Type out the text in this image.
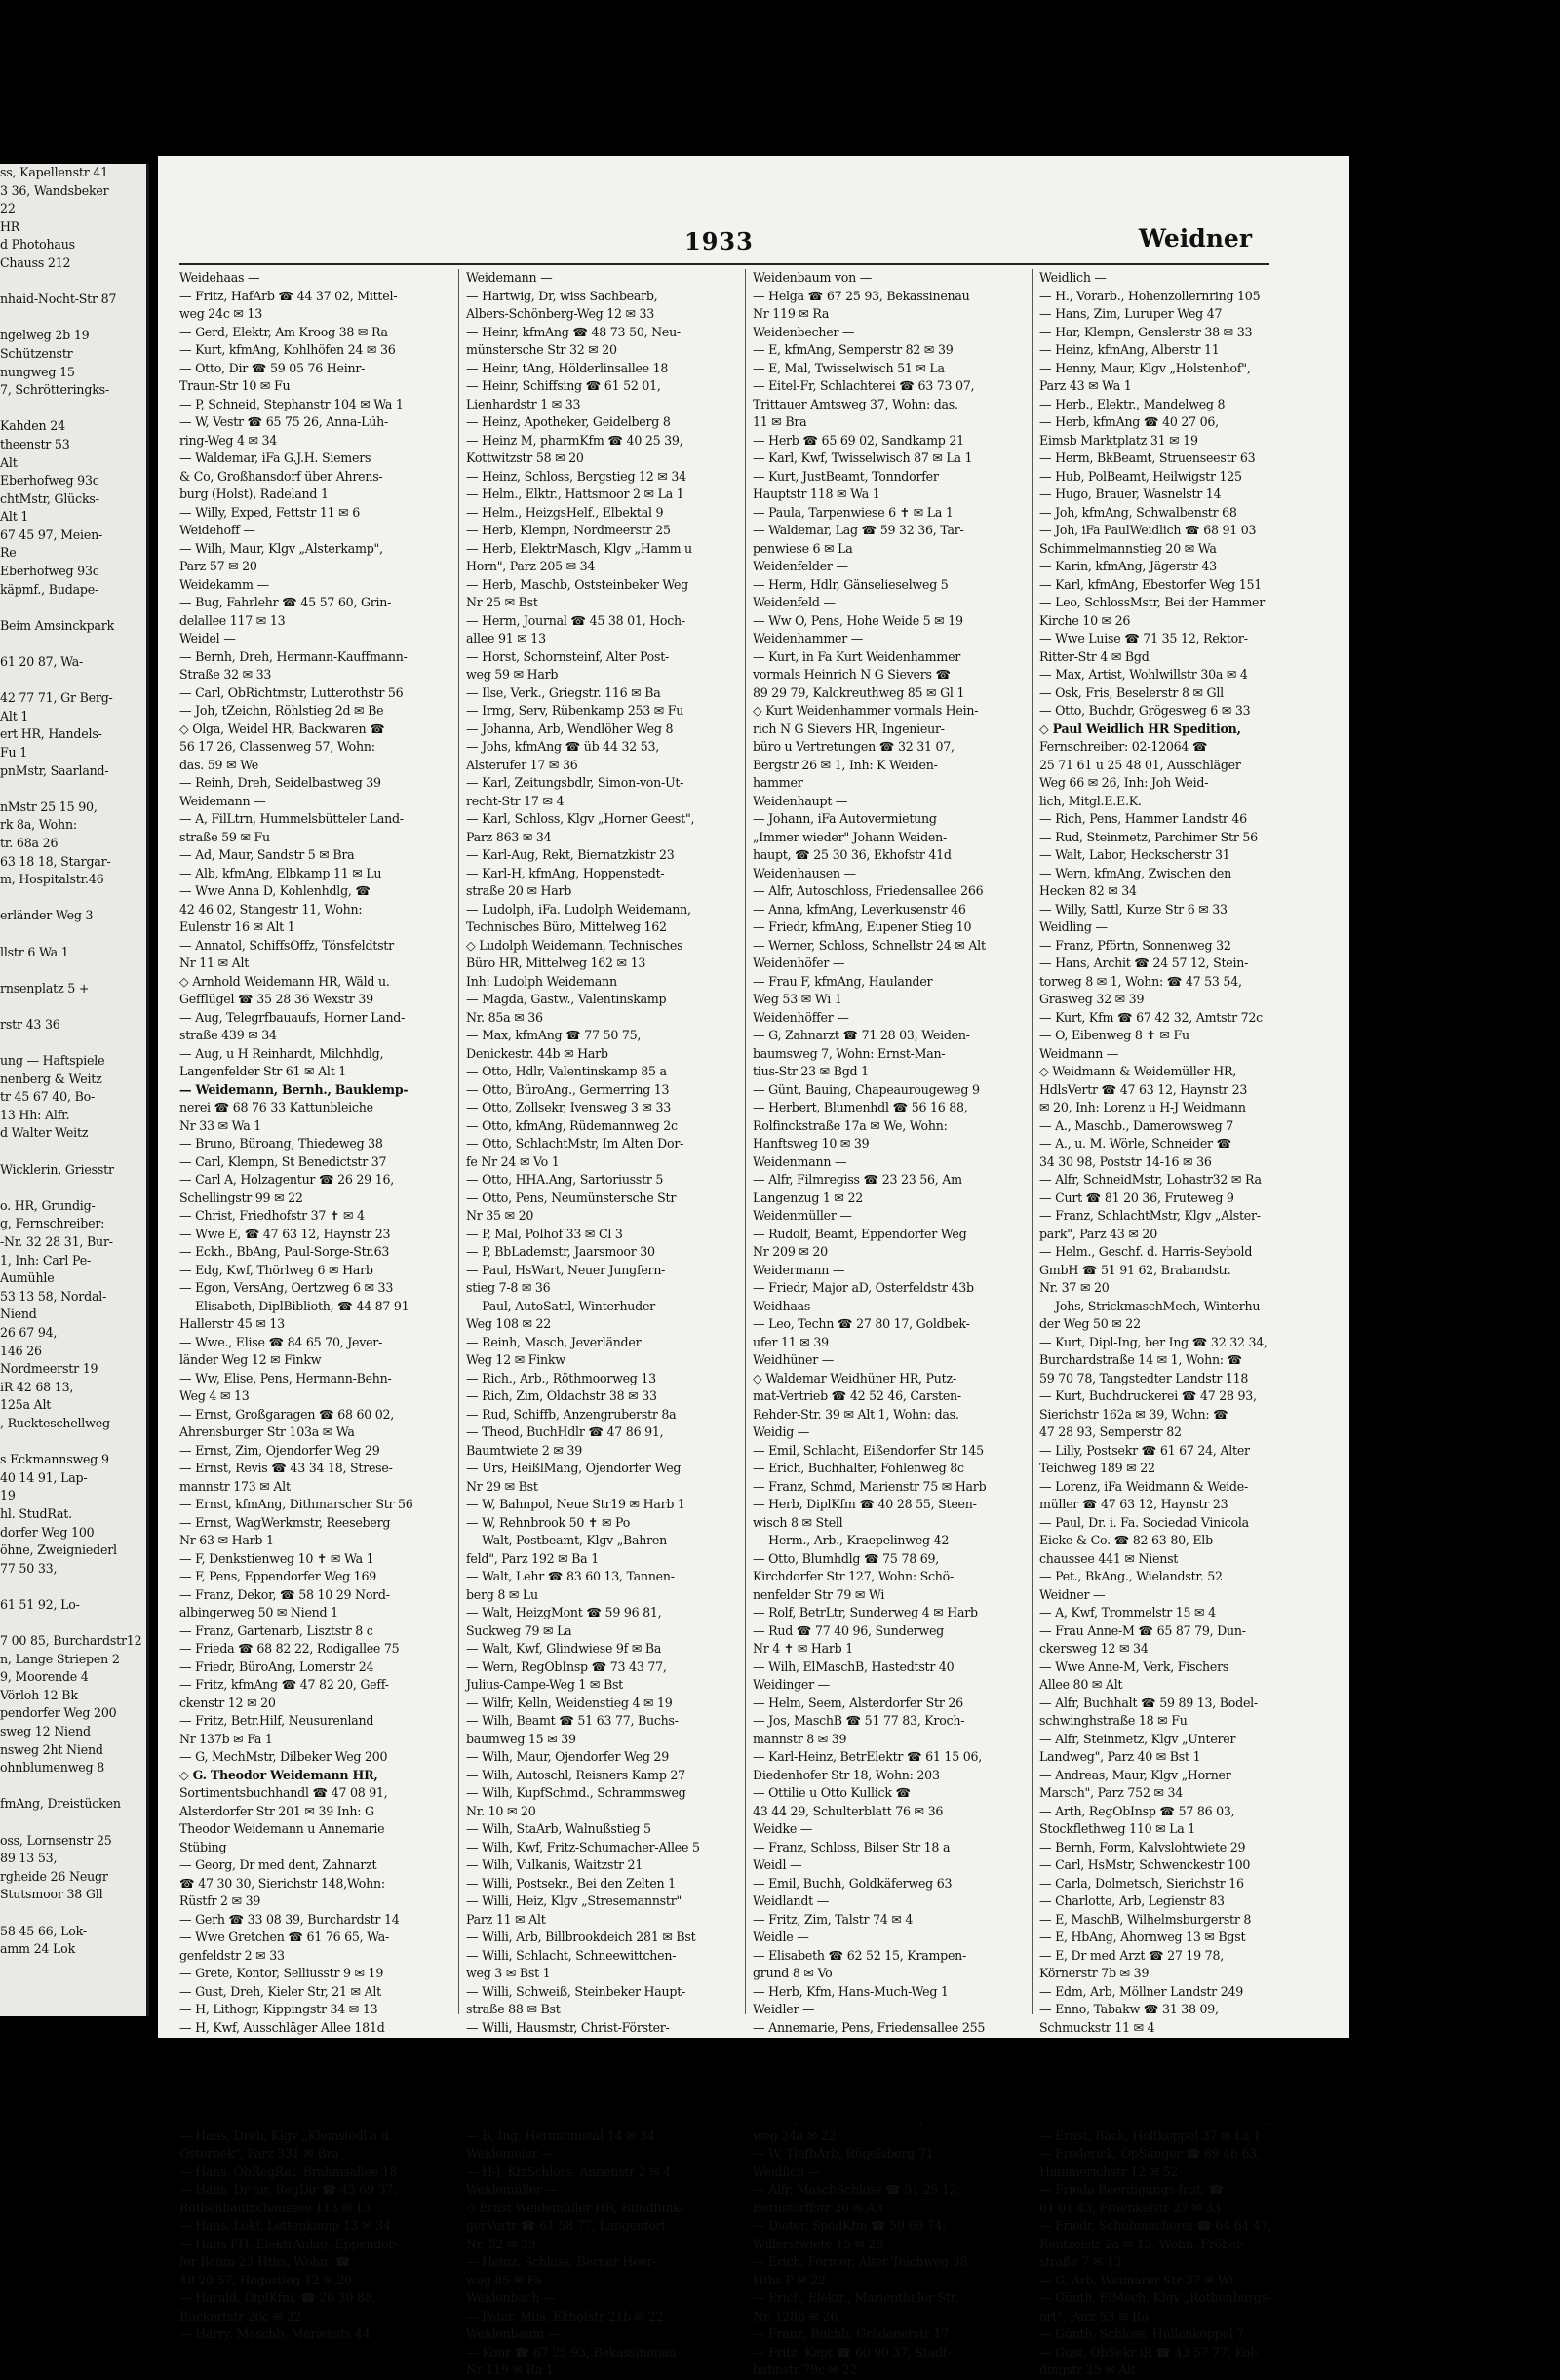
ss, Kapellenstr 41
3 36, Wandsbeker
22
HR
d Photohaus
Chauss 212

nhaid-Nocht-Str 87

ngelweg 2b 19
Schützenstr
nungweg 15
7, Schrötteringks-

Kahden 24
theenstr 53
Alt
Eberhofweg 93c
chtMstr, Glücks-
Alt 1
67 45 97, Meien-
Re
Eberhofweg 93c
käpmf., Budape-

Beim Amsinckpark

61 20 87, Wa-

42 77 71, Gr Berg-
Alt 1
ert HR, Handels-
Fu 1
pnMstr, Saarland-

nMstr 25 15 90,
rk 8a, Wohn:
tr. 68a 26
63 18 18, Stargar-
m, Hospitalstr.46

erländer Weg 3

llstr 6 Wa 1

rnsenplatz 5 +

rstr 43 36

ung — Haftspiele
nenberg & Weitz
tr 45 67 40, Bo-
13 Hh: Alfr.
d Walter Weitz

Wicklerin, Griesstr

o. HR, Grundig-
g, Fernschreiber:
-Nr. 32 28 31, Bur-
1, Inh: Carl Pe-
Aumühle
53 13 58, Nordal-
Niend
26 67 94,
146 26
Nordmeerstr 19
iR 42 68 13,
125a Alt
, Ruckteschellweg

s Eckmannsweg 9
40 14 91, Lap-
19
hl. StudRat.
dorfer Weg 100
öhne, Zweigniederl
77 50 33,

61 51 92, Lo-

7 00 85, Burchardstr12
n, Lange Striepen 2
9, Moorende 4
Vörloh 12 Bk
pendorfer Weg 200
sweg 12 Niend
nsweg 2ht Niend
ohnblumenweg 8

fmAng, Dreistücken

oss, Lornsenstr 25
89 13 53,
rgheide 26 Neugr
Stutsmoor 38 Gll

58 45 66, Lok-
amm 24 Lok
1933	Weidner
Weidehaas —
— Fritz, HafArb ☎ 44 37 02, Mittel-
weg 24c ✉ 13
— Gerd, Elektr, Am Kroog 38 ✉ Ra
— Kurt, kfmAng, Kohlhöfen 24 ✉ 36
— Otto, Dir ☎ 59 05 76 Heinr-
Traun-Str 10 ✉ Fu
— P, Schneid, Stephanstr 104 ✉ Wa 1
— W, Vestr ☎ 65 75 26, Anna-Lüh-
ring-Weg 4 ✉ 34
— Waldemar, iFa G.J.H. Siemers
& Co, Großhansdorf über Ahrens-
burg (Holst), Radeland 1
— Willy, Exped, Fettstr 11 ✉ 6
Weidehoff —
— Wilh, Maur, Klgv „Alsterkamp",
Parz 57 ✉ 20
Weidekamm —
— Bug, Fahrlehr ☎ 45 57 60, Grin-
delallee 117 ✉ 13
Weidel —
— Bernh, Dreh, Hermann-Kauffmann-
Straße 32 ✉ 33
— Carl, ObRichtmstr, Lutterothstr 56
— Joh, tZeichn, Röhlstieg 2d ✉ Be
◇ Olga, Weidel HR, Backwaren ☎
56 17 26, Classenweg 57, Wohn:
das. 59 ✉ We
— Reinh, Dreh, Seidelbastweg 39
Weidemann —
— A, FilLtrn, Hummelsbütteler Land-
straße 59 ✉ Fu
— Ad, Maur, Sandstr 5 ✉ Bra
— Alb, kfmAng, Elbkamp 11 ✉ Lu
— Wwe Anna D, Kohlenhdlg, ☎
42 46 02, Stangestr 11, Wohn:
Eulenstr 16 ✉ Alt 1
— Annatol, SchiffsOffz, Tönsfeldtstr
Nr 11 ✉ Alt
◇ Arnhold Weidemann HR, Wäld u.
Gefflügel ☎ 35 28 36 Wexstr 39
— Aug, Telegrfbauaufs, Horner Land-
straße 439 ✉ 34
— Aug, u H Reinhardt, Milchhdlg,
Langenfelder Str 61 ✉ Alt 1
— Weidemann, Bernh., Bauklemp-
nerei ☎ 68 76 33 Kattunbleiche
Nr 33 ✉ Wa 1
— Bruno, Büroang, Thiedeweg 38
— Carl, Klempn, St Benedictstr 37
— Carl A, Holzagentur ☎ 26 29 16,
Schellingstr 99 ✉ 22
— Christ, Friedhofstr 37 ✝ ✉ 4
— Wwe E, ☎ 47 63 12, Haynstr 23
— Eckh., BbAng, Paul-Sorge-Str.63
— Edg, Kwf, Thörlweg 6 ✉ Harb
— Egon, VersAng, Oertzweg 6 ✉ 33
— Elisabeth, DiplBiblioth, ☎ 44 87 91
Hallerstr 45 ✉ 13
— Wwe., Elise ☎ 84 65 70, Jever-
länder Weg 12 ✉ Finkw
— Ww, Elise, Pens, Hermann-Behn-
Weg 4 ✉ 13
— Ernst, Großgaragen ☎ 68 60 02,
Ahrensburger Str 103a ✉ Wa
— Ernst, Zim, Ojendorfer Weg 29
— Ernst, Revis ☎ 43 34 18, Strese-
mannstr 173 ✉ Alt
— Ernst, kfmAng, Dithmarscher Str 56
— Ernst, WagWerkmstr, Reeseberg
Nr 63 ✉ Harb 1
— F, Denkstienweg 10 ✝ ✉ Wa 1
— F, Pens, Eppendorfer Weg 169
— Franz, Dekor, ☎ 58 10 29 Nord-
albingerweg 50 ✉ Niend 1
— Franz, Gartenarb, Lisztstr 8 c
— Frieda ☎ 68 82 22, Rodigallee 75
— Friedr, BüroAng, Lomerstr 24
— Fritz, kfmAng ☎ 47 82 20, Geff-
ckenstr 12 ✉ 20
— Fritz, Betr.Hilf, Neusurenland
Nr 137b ✉ Fa 1
— G, MechMstr, Dilbeker Weg 200
◇ G. Theodor Weidemann HR,
Sortimentsbuchhandl ☎ 47 08 91,
Alsterdorfer Str 201 ✉ 39 Inh: G
Theodor Weidemann u Annemarie
Stübing
— Georg, Dr med dent, Zahnarzt
☎ 47 30 30, Sierichstr 148,Wohn:
Rüstfr 2 ✉ 39
— Gerh ☎ 33 08 39, Burchardstr 14
— Wwe Gretchen ☎ 61 76 65, Wa-
genfeldstr 2 ✉ 33
— Grete, Kontor, Selliusstr 9 ✉ 19
— Gust, Dreh, Kieler Str, 21 ✉ Alt
— H, Lithogr, Kippingstr 34 ✉ 13
— H, Kwf, Ausschläger Allee 181d
— Hans, Dreh, Klgv „Kleinsiedl a d
Osterbek", Parz 331 ✉ Bra
— Hans, ObRegRat, Brahmsallee 18
— Hans, Dr jur, RegDir ☎ 45 69 37,
Rothenbaumchaussee 113 ✉ 13
— Hans, Lokf, Lettenkamp 13 ✉ 34
— Hans FH, ElektrAnlag, Eppendor-
fer Baum 23 Hths, Wohn: ☎
48 20 57, Hegestieg 12 ✉ 20
— Harald, DiplKfm, ☎ 26 30 88,
Rückertstr 26c ✉ 22
— Harry, Maschb, Mariensts 44
Weidemann —
— Hartwig, Dr, wiss Sachbearb,
Albers-Schönberg-Weg 12 ✉ 33
— Heinr, kfmAng ☎ 48 73 50, Neu-
münstersche Str 32 ✉ 20
— Heinr, tAng, Hölderlinsallee 18
— Heinr, Schiffsing ☎ 61 52 01,
Lienhardstr 1 ✉ 33
— Heinz, Apotheker, Geidelberg 8
— Heinz M, pharmKfm ☎ 40 25 39,
Kottwitzstr 58 ✉ 20
— Heinz, Schloss, Bergstieg 12 ✉ 34
— Helm., Elktr., Hattsmoor 2 ✉ La 1
— Helm., HeizgsHelf., Elbektal 9
— Herb, Klempn, Nordmeerstr 25
— Herb, ElektrMasch, Klgv „Hamm u
Horn", Parz 205 ✉ 34
— Herb, Maschb, Oststeinbeker Weg
Nr 25 ✉ Bst
— Herm, Journal ☎ 45 38 01, Hoch-
allee 91 ✉ 13
— Horst, Schornsteinf, Alter Post-
weg 59 ✉ Harb
— Ilse, Verk., Griegstr. 116 ✉ Ba
— Irmg, Serv, Rübenkamp 253 ✉ Fu
— Johanna, Arb, Wendlöher Weg 8
— Johs, kfmAng ☎ üb 44 32 53,
Alsterufer 17 ✉ 36
— Karl, Zeitungsbdlr, Simon-von-Ut-
recht-Str 17 ✉ 4
— Karl, Schloss, Klgv „Horner Geest",
Parz 863 ✉ 34
— Karl-Aug, Rekt, Biernatzkistr 23
— Karl-H, kfmAng, Hoppenstedt-
straße 20 ✉ Harb
— Ludolph, iFa. Ludolph Weidemann,
Technisches Büro, Mittelweg 162
◇ Ludolph Weidemann, Technisches
Büro HR, Mittelweg 162 ✉ 13
Inh: Ludolph Weidemann
— Magda, Gastw., Valentinskamp
Nr. 85a ✉ 36
— Max, kfmAng ☎ 77 50 75,
Denickestr. 44b ✉ Harb
— Otto, Hdlr, Valentinskamp 85 a
— Otto, BüroAng., Germerring 13
— Otto, Zollsekr, Ivensweg 3 ✉ 33
— Otto, kfmAng, Rüdemannweg 2c
— Otto, SchlachtMstr, Im Alten Dor-
fe Nr 24 ✉ Vo 1
— Otto, HHA.Ang, Sartoriusstr 5
— Otto, Pens, Neumünstersche Str
Nr 35 ✉ 20
— P, Mal, Polhof 33 ✉ Cl 3
— P, BbLademstr, Jaarsmoor 30
— Paul, HsWart, Neuer Jungfern-
stieg 7-8 ✉ 36
— Paul, AutoSattl, Winterhuder
Weg 108 ✉ 22
— Reinh, Masch, Jeverländer
Weg 12 ✉ Finkw
— Rich., Arb., Röthmoorweg 13
— Rich, Zim, Oldachstr 38 ✉ 33
— Rud, Schiffb, Anzengruberstr 8a
— Theod, BuchHdlr ☎ 47 86 91,
Baumtwiete 2 ✉ 39
— Urs, HeißlMang, Ojendorfer Weg
Nr 29 ✉ Bst
— W, Bahnpol, Neue Str19 ✉ Harb 1
— W, Rehnbrook 50 ✝ ✉ Po
— Walt, Postbeamt, Klgv „Bahren-
feld", Parz 192 ✉ Ba 1
— Walt, Lehr ☎ 83 60 13, Tannen-
berg 8 ✉ Lu
— Walt, HeizgMont ☎ 59 96 81,
Suckweg 79 ✉ La
— Walt, Kwf, Glindwiese 9f ✉ Ba
— Wern, RegObInsp ☎ 73 43 77,
Julius-Campe-Weg 1 ✉ Bst
— Wilfr, Kelln, Weidenstieg 4 ✉ 19
— Wilh, Beamt ☎ 51 63 77, Buchs-
baumweg 15 ✉ 39
— Wilh, Maur, Ojendorfer Weg 29
— Wilh, Autoschl, Reisners Kamp 27
— Wilh, KupfSchmd., Schrammsweg
Nr. 10 ✉ 20
— Wilh, StaArb, Walnußstieg 5
— Wilh, Kwf, Fritz-Schumacher-Allee 5
— Wilh, Vulkanis, Waitzstr 21
— Willi, Postsekr., Bei den Zelten 1
— Willi, Heiz, Klgv „Stresemannstr"
Parz 11 ✉ Alt
— Willi, Arb, Billbrookdeich 281 ✉ Bst
— Willi, Schlacht, Schneewittchen-
weg 3 ✉ Bst 1
— Willi, Schweiß, Steinbeker Haupt-
straße 88 ✉ Bst
— Willi, Hausmstr, Christ-Förster-
— B, Ing, Hermannstal 14 ✉ 34
Weidemeier —
— H-J, KfzSchloss, Annenstr 2 ✉ 4
Weidemüller —
◇ Ernst Weidemüller HR, Rundfunk-
gerVertr ☎ 61 58 77, Langenfort
Nr. 52 ✉ 39
— Heinz, Schloss, Berner Heer-
weg 85 ✉ Fa
Weidenbach —
— Peter, Mus, Ekhofstr 21b ✉ 22
Weidenbaum —
— Konr ☎ 67 25 93, Bekassinenau
Nr 119 ✉ Ra 1
Weidenbaum von —
— Helga ☎ 67 25 93, Bekassinenau
Nr 119 ✉ Ra
Weidenbecher —
— E, kfmAng, Semperstr 82 ✉ 39
— E, Mal, Twisselwisch 51 ✉ La
— Eitel-Fr, Schlachterei ☎ 63 73 07,
Trittauer Amtsweg 37, Wohn: das.
11 ✉ Bra
— Herb ☎ 65 69 02, Sandkamp 21
— Karl, Kwf, Twisselwisch 87 ✉ La 1
— Kurt, JustBeamt, Tonndorfer
Hauptstr 118 ✉ Wa 1
— Paula, Tarpenwiese 6 ✝ ✉ La 1
— Waldemar, Lag ☎ 59 32 36, Tar-
penwiese 6 ✉ La
Weidenfelder —
— Herm, Hdlr, Gänselieselweg 5
Weidenfeld —
— Ww O, Pens, Hohe Weide 5 ✉ 19
Weidenhammer —
— Kurt, in Fa Kurt Weidenhammer
vormals Heinrich N G Sievers ☎
89 29 79, Kalckreuthweg 85 ✉ Gl 1
◇ Kurt Weidenhammer vormals Hein-
rich N G Sievers HR, Ingenieur-
büro u Vertretungen ☎ 32 31 07,
Bergstr 26 ✉ 1, Inh: K Weiden-
hammer
Weidenhaupt —
— Johann, iFa Autovermietung
„Immer wieder" Johann Weiden-
haupt, ☎ 25 30 36, Ekhofstr 41d
Weidenhausen —
— Alfr, Autoschloss, Friedensallee 266
— Anna, kfmAng, Leverkusenstr 46
— Friedr, kfmAng, Eupener Stieg 10
— Werner, Schloss, Schnellstr 24 ✉ Alt
Weidenhöfer —
— Frau F, kfmAng, Haulander
Weg 53 ✉ Wi 1
Weidenhöffer —
— G, Zahnarzt ☎ 71 28 03, Weiden-
baumsweg 7, Wohn: Ernst-Man-
tius-Str 23 ✉ Bgd 1
— Günt, Bauing, Chapeaurougeweg 9
— Herbert, Blumenhdl ☎ 56 16 88,
Rolfinckstraße 17a ✉ We, Wohn:
Hanftsweg 10 ✉ 39
Weidenmann —
— Alfr, Filmregiss ☎ 23 23 56, Am
Langenzug 1 ✉ 22
Weidenmüller —
— Rudolf, Beamt, Eppendorfer Weg
Nr 209 ✉ 20
Weidermann —
— Friedr, Major aD, Osterfeldstr 43b
Weidhaas —
— Leo, Techn ☎ 27 80 17, Goldbek-
ufer 11 ✉ 39
Weidhüner —
◇ Waldemar Weidhüner HR, Putz-
mat-Vertrieb ☎ 42 52 46, Carsten-
Rehder-Str. 39 ✉ Alt 1, Wohn: das.
Weidig —
— Emil, Schlacht, Eißendorfer Str 145
— Erich, Buchhalter, Fohlenweg 8c
— Franz, Schmd, Marienstr 75 ✉ Harb
— Herb, DiplKfm ☎ 40 28 55, Steen-
wisch 8 ✉ Stell
— Herm., Arb., Kraepelinweg 42
— Otto, Blumhdlg ☎ 75 78 69,
Kirchdorfer Str 127, Wohn: Schö-
nenfelder Str 79 ✉ Wi
— Rolf, BetrLtr, Sunderweg 4 ✉ Harb
— Rud ☎ 77 40 96, Sunderweg
Nr 4 ✝ ✉ Harb 1
— Wilh, ElMaschB, Hastedtstr 40
Weidinger —
— Helm, Seem, Alsterdorfer Str 26
— Jos, MaschB ☎ 51 77 83, Kroch-
mannstr 8 ✉ 39
— Karl-Heinz, BetrElektr ☎ 61 15 06,
Diedenhofer Str 18, Wohn: 203
— Ottilie u Otto Kullick ☎
43 44 29, Schulterblatt 76 ✉ 36
Weidke —
— Franz, Schloss, Bilser Str 18 a
Weidl —
— Emil, Buchh, Goldkäferweg 63
Weidlandt —
— Fritz, Zim, Talstr 74 ✉ 4
Weidle —
— Elisabeth ☎ 62 52 15, Krampen-
grund 8 ✉ Vo
— Herb, Kfm, Hans-Much-Weg 1
Weidler —
— Annemarie, Pens, Friedensallee 255
weg 24a ✉ 22
— W, TiefbArb, Rügelsberg 71
Weidlich —
— Alfr, MaschSchloss ☎ 31 25 12,
Bernstorffstr 20 ✉ Alt
— Dieter, SpedKfm ☎ 59 69 74,
Willerstwiete 15 ✉ 26
— Erich, Former, Alter Teichweg 38
Hths P ✉ 22
— Erich, Elektr., Marienthaler Str.
Nr. 128b ✉ 26
— Franz, Buchh, Grädenerstr 17
— Fritz, Kapt ☎ 60 90 37, Stadt-
bahnstr 79c ✉ 22
Weidlich —
— H., Vorarb., Hohenzollernring 105
— Hans, Zim, Luruper Weg 47
— Har, Klempn, Genslerstr 38 ✉ 33
— Heinz, kfmAng, Alberstr 11
— Henny, Maur, Klgv „Holstenhof",
Parz 43 ✉ Wa 1
— Herb., Elektr., Mandelweg 8
— Herb, kfmAng ☎ 40 27 06,
Eimsb Marktplatz 31 ✉ 19
— Herm, BkBeamt, Struenseestr 63
— Hub, PolBeamt, Heilwigstr 125
— Hugo, Brauer, Wasnelstr 14
— Joh, kfmAng, Schwalbenstr 68
— Joh, iFa PaulWeidlich ☎ 68 91 03
Schimmelmannstieg 20 ✉ Wa
— Karin, kfmAng, Jägerstr 43
— Karl, kfmAng, Ebestorfer Weg 151
— Leo, SchlossMstr, Bei der Hammer
Kirche 10 ✉ 26
— Wwe Luise ☎ 71 35 12, Rektor-
Ritter-Str 4 ✉ Bgd
— Max, Artist, Wohlwillstr 30a ✉ 4
— Osk, Fris, Beselerstr 8 ✉ Gll
— Otto, Buchdr, Grögesweg 6 ✉ 33
◇ Paul Weidlich HR Spedition,
Fernschreiber: 02-12064 ☎
25 71 61 u 25 48 01, Ausschläger
Weg 66 ✉ 26, Inh: Joh Weid-
lich, Mitgl.E.E.K.
— Rich, Pens, Hammer Landstr 46
— Rud, Steinmetz, Parchimer Str 56
— Walt, Labor, Heckscherstr 31
— Wern, kfmAng, Zwischen den
Hecken 82 ✉ 34
— Willy, Sattl, Kurze Str 6 ✉ 33
Weidling —
— Franz, Pförtn, Sonnenweg 32
— Hans, Archit ☎ 24 57 12, Stein-
torweg 8 ✉ 1, Wohn: ☎ 47 53 54,
Grasweg 32 ✉ 39
— Kurt, Kfm ☎ 67 42 32, Amtstr 72c
— O, Eibenweg 8 ✝ ✉ Fu
Weidmann —
◇ Weidmann & Weidemüller HR,
HdlsVertr ☎ 47 63 12, Haynstr 23
✉ 20, Inh: Lorenz u H-J Weidmann
— A., Maschb., Damerowsweg 7
— A., u. M. Wörle, Schneider ☎
34 30 98, Poststr 14-16 ✉ 36
— Alfr, SchneidMstr, Lohastr32 ✉ Ra
— Curt ☎ 81 20 36, Fruteweg 9
— Franz, SchlachtMstr, Klgv „Alster-
park", Parz 43 ✉ 20
— Helm., Geschf. d. Harris-Seybold
GmbH ☎ 51 91 62, Brabandstr.
Nr. 37 ✉ 20
— Johs, StrickmaschMech, Winterhu-
der Weg 50 ✉ 22
— Kurt, Dipl-Ing, ber Ing ☎ 32 32 34,
Burchardstraße 14 ✉ 1, Wohn: ☎
59 70 78, Tangstedter Landstr 118
— Kurt, Buchdruckerei ☎ 47 28 93,
Sierichstr 162a ✉ 39, Wohn: ☎
47 28 93, Semperstr 82
— Lilly, Postsekr ☎ 61 67 24, Alter
Teichweg 189 ✉ 22
— Lorenz, iFa Weidmann & Weide-
müller ☎ 47 63 12, Haynstr 23
— Paul, Dr. i. Fa. Sociedad Vinicola
Eicke & Co. ☎ 82 63 80, Elb-
chaussee 441 ✉ Nienst
— Pet., BkAng., Wielandstr. 52
Weidner —
— A, Kwf, Trommelstr 15 ✉ 4
— Frau Anne-M ☎ 65 87 79, Dun-
ckersweg 12 ✉ 34
— Wwe Anne-M, Verk, Fischers
Allee 80 ✉ Alt
— Alfr, Buchhalt ☎ 59 89 13, Bodel-
schwinghstraße 18 ✉ Fu
— Alfr, Steinmetz, Klgv „Unterer
Landweg", Parz 40 ✉ Bst 1
— Andreas, Maur, Klgv „Horner
Marsch", Parz 752 ✉ 34
— Arth, RegObInsp ☎ 57 86 03,
Stockflethweg 110 ✉ La 1
— Bernh, Form, Kalvslohtwiete 29
— Carl, HsMstr, Schwenckestr 100
— Carla, Dolmetsch, Sierichstr 16
— Charlotte, Arb, Legienstr 83
— E, MaschB, Wilhelmsburgerstr 8
— E, HbAng, Ahornweg 13 ✉ Bgst
— E, Dr med Arzt ☎ 27 19 78,
Körnerstr 7b ✉ 39
— Edm, Arb, Möllner Landstr 249
— Enno, Tabakw ☎ 31 38 09,
Schmuckstr 11 ✉ 4
— Ernst, Bäck, Holtkoppel 37 ✉ La 1
— Frederick, OpSänger ☎ 89 46 63,
Hammerichstr 12 ✉ 52
— Frieda Beerdigungs-Inst, ☎
61 01 43, Fraenkelstr 27 ✉ 33
— Friedr, Schuhmacherei ☎ 64 64 47,
Rentzelstr 2a ✉ 13, Wohn: Fröbel-
straße 7 ✉ 13
— G, Arb, Weimarer Str 37 ✉ Wi
— Günth, ElMech, Klgv „Rothenburgs-
ort", Parz 53 ✉ Ro
— Günth, Schloss, Hüllenkoppel 7
— Gust, ObSekr iR ☎ 43 57 77, Kol-
dingstr 25 ✉ Alt
